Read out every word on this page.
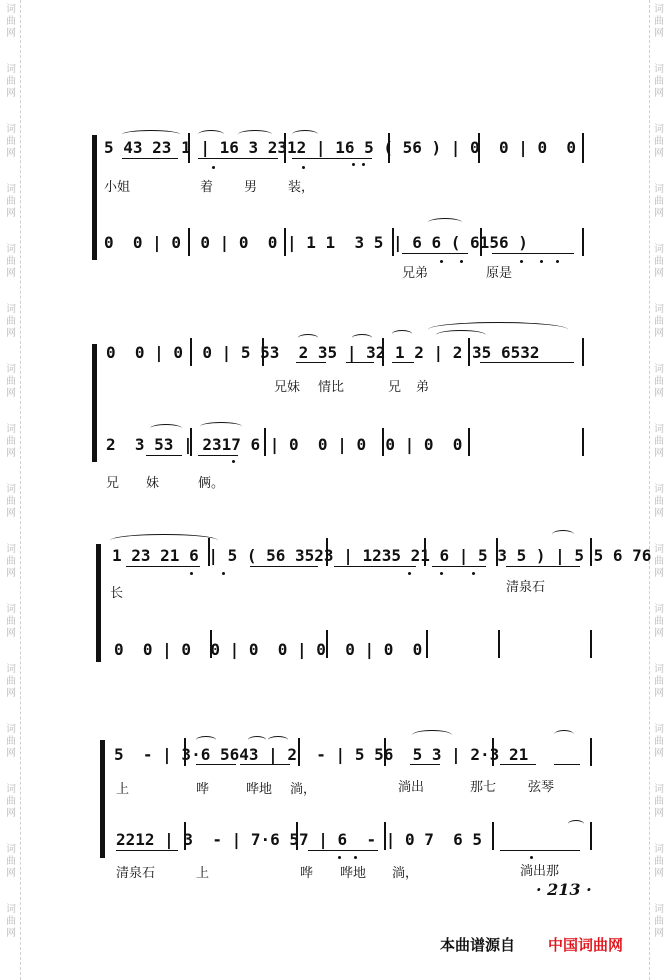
5 43 23 1 | 16 3 2312 | 16 5 ( 56 ) | 0  0 | 0  0
小姐	着 男 装，
0  0 | 0  0 | 0  0 | 1 1  3 5 | 6 6 ( 6156 )
兄弟	原是
0  0 | 0  0 | 5 53  2 35 | 32 1 2 | 2 35 6532
兄妹 情比	兄 弟
2  3 53 | 2317 6 | 0  0 | 0  0 | 0  0
兄 妹	俩。
1 23 21 6 | 5 ( 56 3523 | 1235 21 6 | 5 3 5 ) | 5 5 6 76
长	清泉石
0  0 | 0  0 | 0  0 | 0  0 | 0  0
5  - | 3·6 5643 | 2  - | 5 56  5 3 | 2·3 21
上	哗	哗地 淌，	淌出	那七 弦琴
2212 | 3  - | 7·6 57 | 6  - | 0 7  6 5
清泉石	上	哗 哗地 淌，	淌出那
· 213 ·
本曲谱源自 中国词曲网
词
曲
网
词
曲
网
词
曲
网
词
曲
网
词
曲
网
词
曲
网
词
曲
网
词
曲
网
词
曲
网
词
曲
网
词
曲
网
词
曲
网
词
曲
网
词
曲
网
词
曲
网
词
曲
网
词
曲
网
词
曲
网
词
曲
网
词
曲
网
词
曲
网
词
曲
网
词
曲
网
词
曲
网
词
曲
网
词
曲
网
词
曲
网
词
曲
网
词
曲
网
词
曲
网
词
曲
网
词
曲
网
